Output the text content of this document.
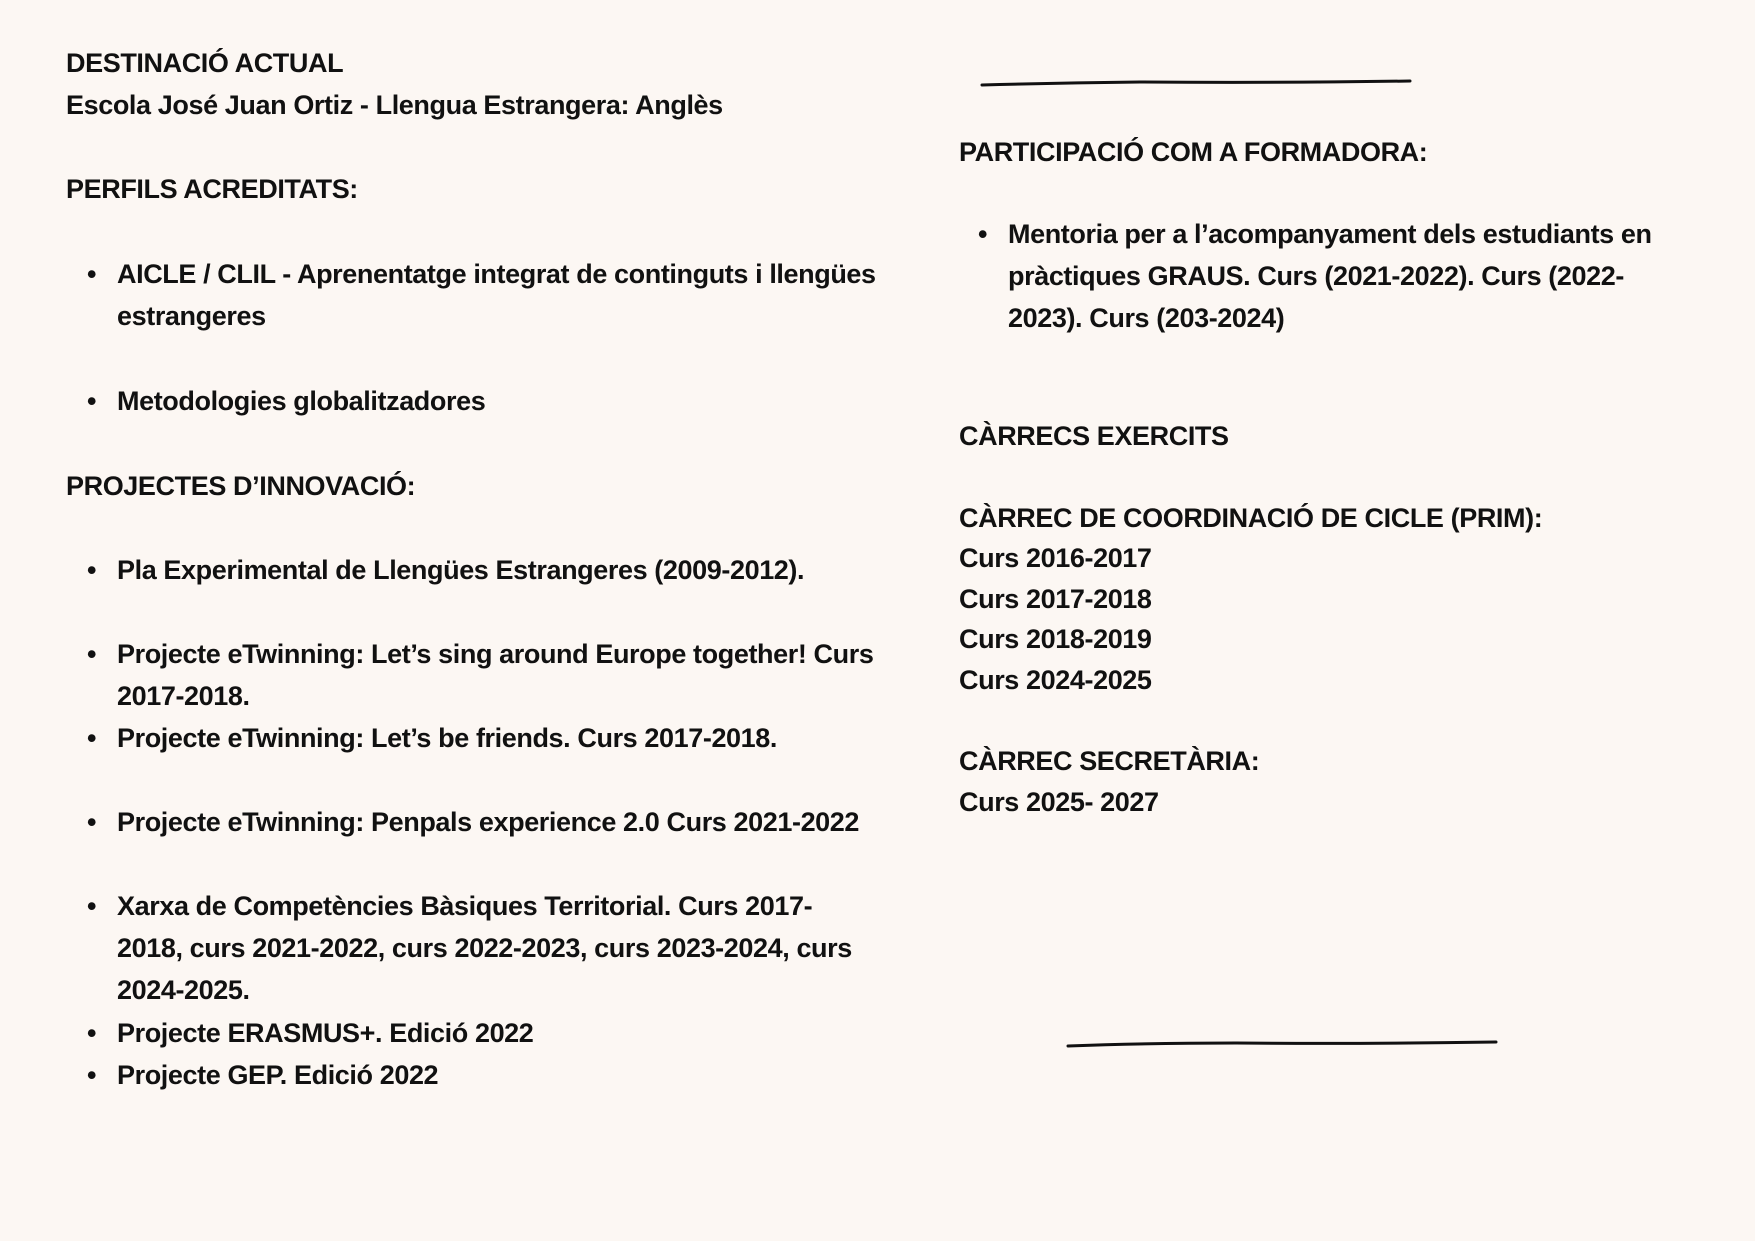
DESTINACIÓ ACTUAL
Escola José Juan Ortiz - Llengua Estrangera: Anglès
PERFILS ACREDITATS:
• AICLE / CLIL - Aprenentatge integrat de continguts i llengües estrangeres
• Metodologies globalitzadores
PROJECTES D’INNOVACIÓ:
• Pla Experimental de Llengües Estrangeres (2009-2012).
• Projecte eTwinning: Let’s sing around Europe together! Curs 2017-2018.
• Projecte eTwinning: Let’s be friends. Curs 2017-2018.
• Projecte eTwinning: Penpals experience 2.0 Curs 2021-2022
• Xarxa de Competències Bàsiques Territorial. Curs 2017-2018, curs 2021-2022, curs 2022-2023, curs 2023-2024, curs 2024-2025.
• Projecte ERASMUS+. Edició 2022
• Projecte GEP. Edició 2022
PARTICIPACIÓ COM A FORMADORA:
• Mentoria per a l’acompanyament dels estudiants en pràctiques GRAUS. Curs (2021-2022). Curs (2022-2023). Curs (203-2024)
CÀRRECS EXERCITS
CÀRREC DE COORDINACIÓ DE CICLE (PRIM):
Curs 2016-2017
Curs 2017-2018
Curs 2018-2019
Curs 2024-2025
CÀRREC SECRETÀRIA:
Curs 2025- 2027
